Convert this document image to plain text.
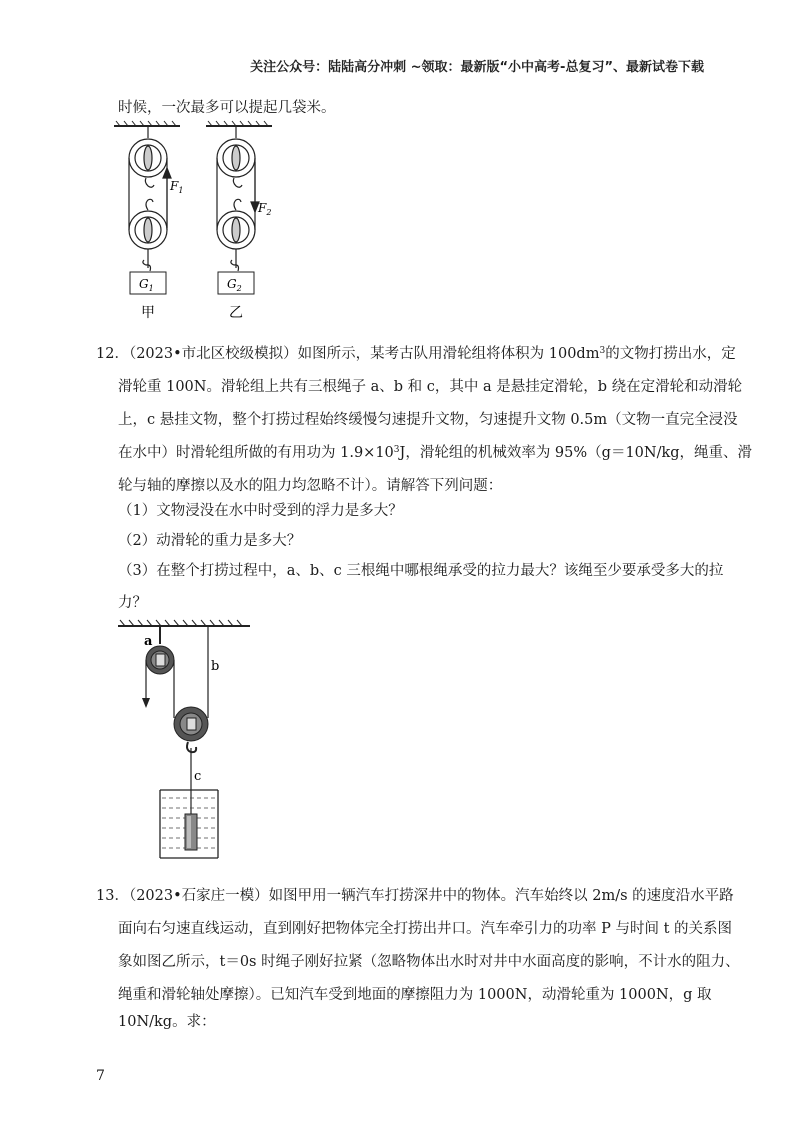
关注公众号：陆陆高分冲刺 ~领取：最新版“小中高考-总复习”、最新试卷下载
时候，一次最多可以提起几袋米。
$F_1$
$G_1$
甲
$F_2$
$G_2$
乙
12．（2023•市北区校级模拟）如图所示，某考古队用滑轮组将体积为 $100dm^3$的文物打捞出水，定
滑轮重 100N。滑轮组上共有三根绳子 a、b 和 c，其中 a 是悬挂定滑轮，b 绕在定滑轮和动滑轮
上，c 悬挂文物，整个打捞过程始终缓慢匀速提升文物，匀速提升文物 0.5m（文物一直完全浸没
在水中）时滑轮组所做的有用功为 $1.9\times 10^3J$，滑轮组的机械效率为 95%（g＝10N/kg，绳重、滑
轮与轴的摩擦以及水的阻力均忽略不计）。请解答下列问题：
（1）文物浸没在水中时受到的浮力是多大？
（2）动滑轮的重力是多大？
（3）在整个打捞过程中，a、b、c 三根绳中哪根绳承受的拉力最大？该绳至少要承受多大的拉
力？
a
b
c
13．（2023•石家庄一模）如图甲用一辆汽车打捞深井中的物体。汽车始终以 2m/s 的速度沿水平路
面向右匀速直线运动，直到刚好把物体完全打捞出井口。汽车牵引力的功率 P 与时间 t 的关系图
象如图乙所示，t＝0s 时绳子刚好拉紧（忽略物体出水时对井中水面高度的影响，不计水的阻力、
绳重和滑轮轴处摩擦）。已知汽车受到地面的摩擦阻力为 1000N，动滑轮重为 1000N，g 取
10N/kg。求：
7
